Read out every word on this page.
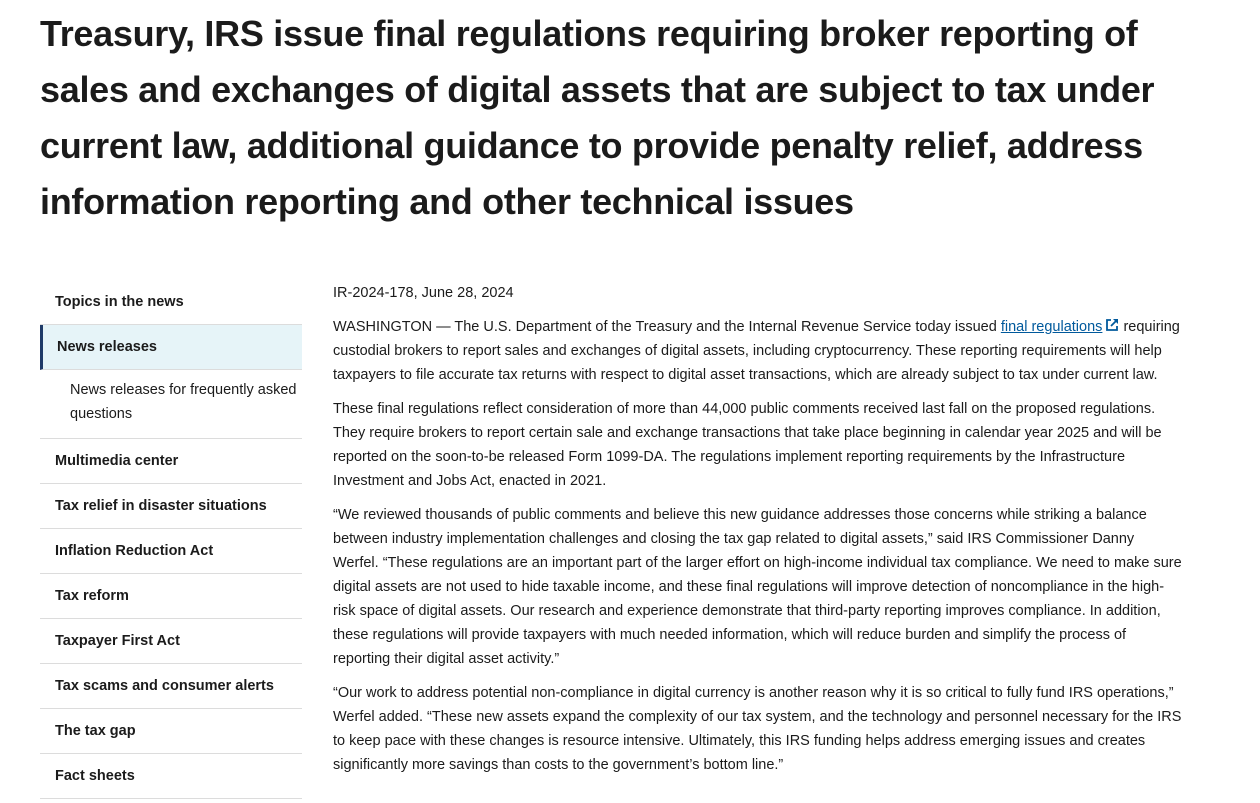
Treasury, IRS issue final regulations requiring broker reporting of sales and exchanges of digital assets that are subject to tax under current law, additional guidance to provide penalty relief, address information reporting and other technical issues
Topics in the news
News releases
News releases for frequently asked questions
Multimedia center
Tax relief in disaster situations
Inflation Reduction Act
Tax reform
Taxpayer First Act
Tax scams and consumer alerts
The tax gap
Fact sheets

IR-2024-178, June 28, 2024

WASHINGTON — The U.S. Department of the Treasury and the Internal Revenue Service today issued final regulations requiring custodial brokers to report sales and exchanges of digital assets, including cryptocurrency. These reporting requirements will help taxpayers to file accurate tax returns with respect to digital asset transactions, which are already subject to tax under current law.

These final regulations reflect consideration of more than 44,000 public comments received last fall on the proposed regulations. They require brokers to report certain sale and exchange transactions that take place beginning in calendar year 2025 and will be reported on the soon-to-be released Form 1099-DA. The regulations implement reporting requirements by the Infrastructure Investment and Jobs Act, enacted in 2021.

“We reviewed thousands of public comments and believe this new guidance addresses those concerns while striking a balance between industry implementation challenges and closing the tax gap related to digital assets,” said IRS Commissioner Danny Werfel. “These regulations are an important part of the larger effort on high-income individual tax compliance. We need to make sure digital assets are not used to hide taxable income, and these final regulations will improve detection of noncompliance in the high-risk space of digital assets. Our research and experience demonstrate that third-party reporting improves compliance. In addition, these regulations will provide taxpayers with much needed information, which will reduce burden and simplify the process of reporting their digital asset activity.”

“Our work to address potential non-compliance in digital currency is another reason why it is so critical to fully fund IRS operations,” Werfel added. “These new assets expand the complexity of our tax system, and the technology and personnel necessary for the IRS to keep pace with these changes is resource intensive. Ultimately, this IRS funding helps address emerging issues and creates significantly more savings than costs to the government’s bottom line.”
